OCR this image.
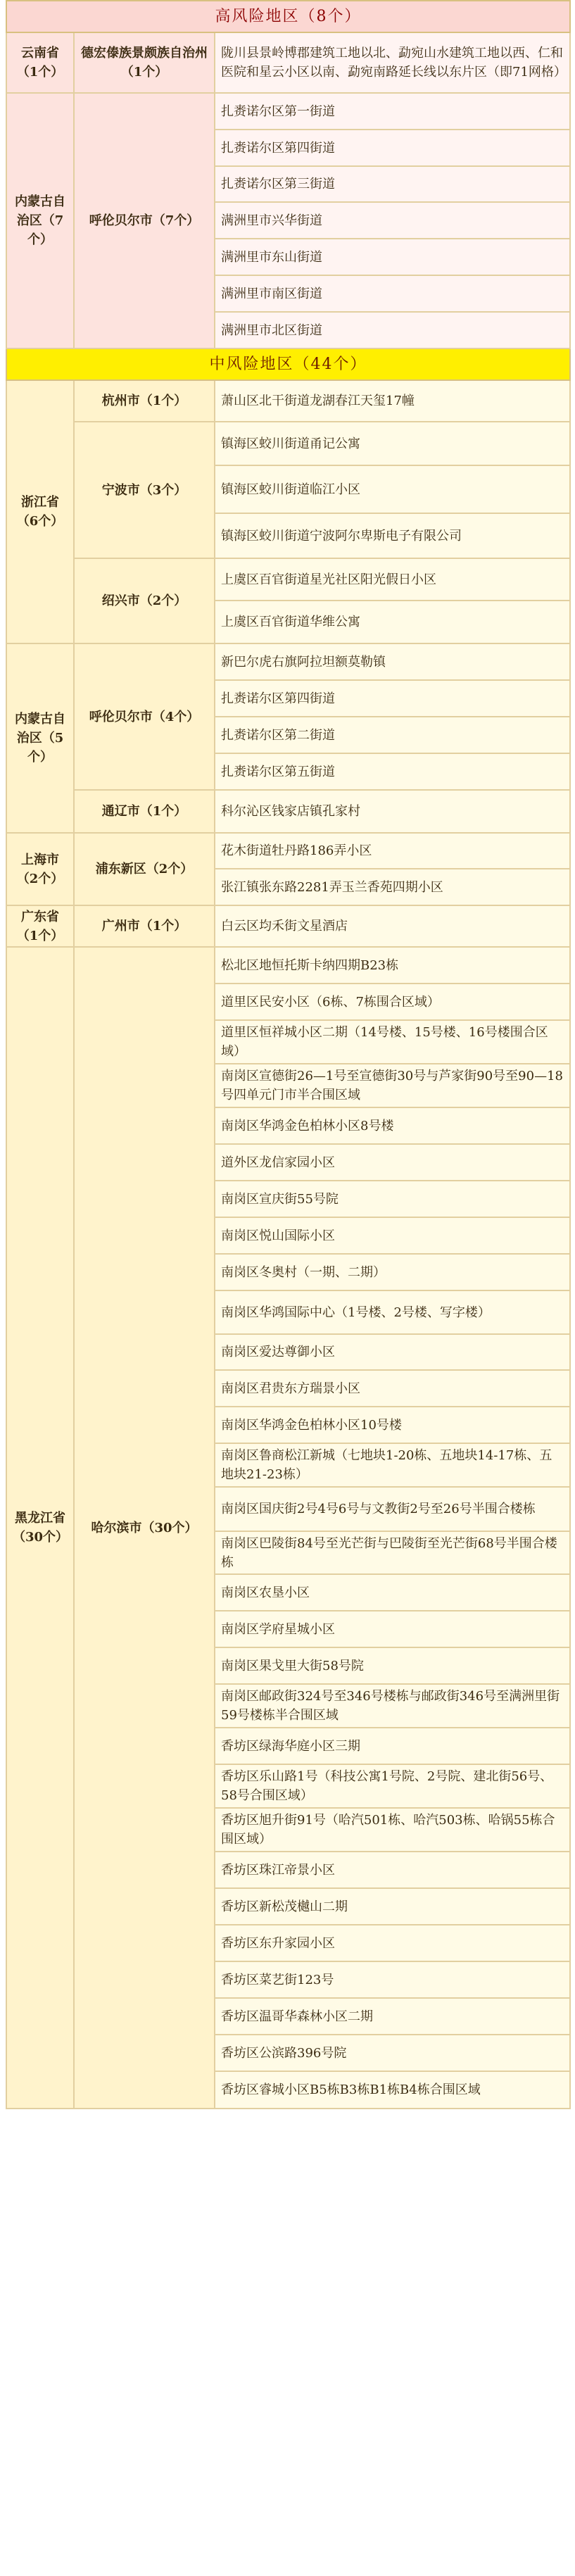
高风险地区（8个）		
云南省（1个）	德宏傣族景颇族自治州（1个）	陇川县景岭博郡建筑工地以北、勐宛山水建筑工地以西、仁和医院和星云小区以南、勐宛南路延长线以东片区（即71网格）
内蒙古自治区（7个）	呼伦贝尔市（7个）	扎赉诺尔区第一街道
		扎赉诺尔区第四街道
		扎赉诺尔区第三街道
		满洲里市兴华街道
		满洲里市东山街道
		满洲里市南区街道
		满洲里市北区街道
中风险地区（44个）		
浙江省（6个）	杭州市（1个）	萧山区北干街道龙湖春江天玺17幢
	宁波市（3个）	镇海区蛟川街道甬记公寓
		镇海区蛟川街道临江小区
		镇海区蛟川街道宁波阿尔卑斯电子有限公司
	绍兴市（2个）	上虞区百官街道星光社区阳光假日小区
		上虞区百官街道华维公寓
内蒙古自治区（5个）	呼伦贝尔市（4个）	新巴尔虎右旗阿拉坦额莫勒镇
		扎赉诺尔区第四街道
		扎赉诺尔区第二街道
		扎赉诺尔区第五街道
	通辽市（1个）	科尔沁区钱家店镇孔家村
上海市（2个）	浦东新区（2个）	花木街道牡丹路186弄小区
		张江镇张东路2281弄玉兰香苑四期小区
广东省（1个）	广州市（1个）	白云区均禾街文星酒店
黑龙江省（30个）	哈尔滨市（30个）	松北区地恒托斯卡纳四期B23栋
		道里区民安小区（6栋、7栋围合区域）
		道里区恒祥城小区二期（14号楼、15号楼、16号楼围合区域）
		南岗区宣德街26—1号至宣德街30号与芦家街90号至90—18号四单元门市半合围区域
		南岗区华鸿金色柏林小区8号楼
		道外区龙信家园小区
		南岗区宣庆街55号院
		南岗区悦山国际小区
		南岗区冬奥村（一期、二期）
		南岗区华鸿国际中心（1号楼、2号楼、写字楼）
		南岗区爱达尊御小区
		南岗区君贵东方瑞景小区
		南岗区华鸿金色柏林小区10号楼
		南岗区鲁商松江新城（七地块1-20栋、五地块14-17栋、五地块21-23栋）
		南岗区国庆街2号4号6号与文教街2号至26号半围合楼栋
		南岗区巴陵街84号至光芒街与巴陵街至光芒街68号半围合楼栋
		南岗区农垦小区
		南岗区学府星城小区
		南岗区果戈里大街58号院
		南岗区邮政街324号至346号楼栋与邮政街346号至满洲里街59号楼栋半合围区域
		香坊区绿海华庭小区三期
		香坊区乐山路1号（科技公寓1号院、2号院、建北街56号、58号合围区域）
		香坊区旭升街91号（哈汽501栋、哈汽503栋、哈锅55栋合围区域）
		香坊区珠江帝景小区
		香坊区新松茂樾山二期
		香坊区东升家园小区
		香坊区菜艺街123号
		香坊区温哥华森林小区二期
		香坊区公滨路396号院
		香坊区睿城小区B5栋B3栋B1栋B4栋合围区域
